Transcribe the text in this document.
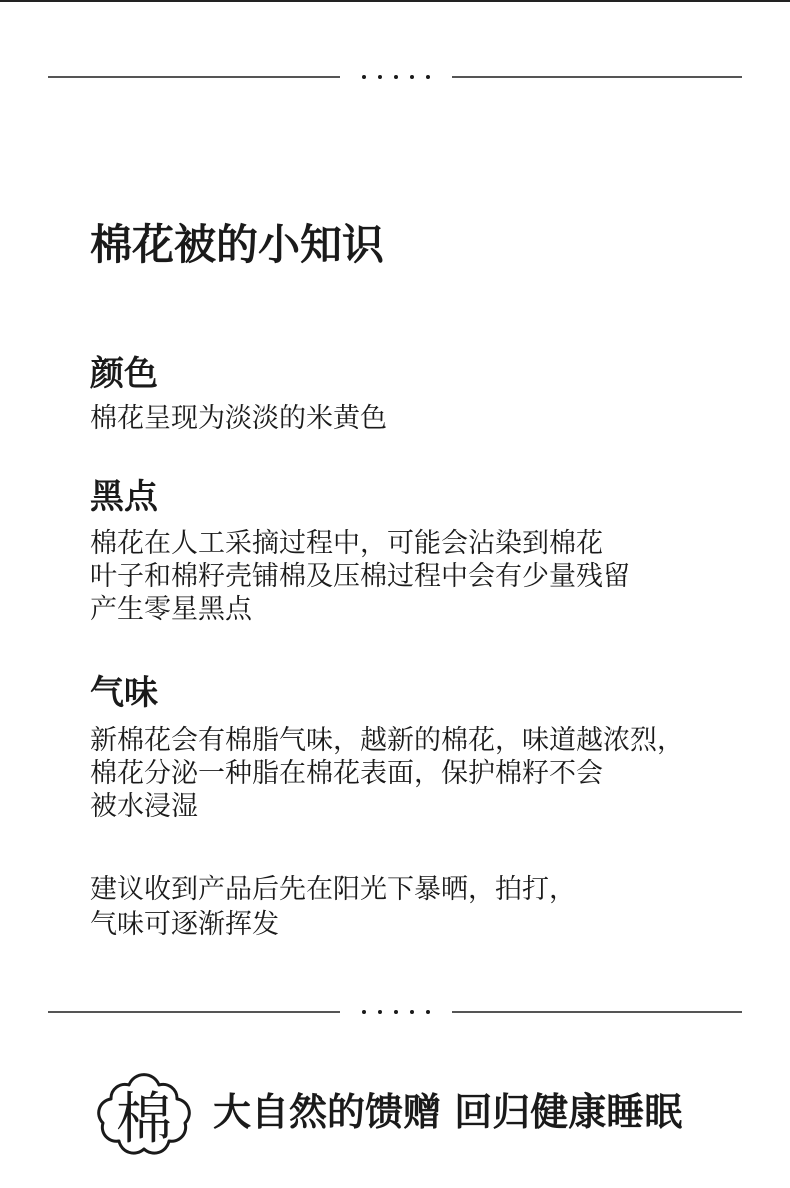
棉花被的小知识
颜色

棉花呈现为淡淡的米黄色

黑点

棉花在人工采摘过程中，可能会沾染到棉花
叶子和棉籽壳铺棉及压棉过程中会有少量残留
产生零星黑点

气味

新棉花会有棉脂气味，越新的棉花，味道越浓烈，
棉花分泌一种脂在棉花表面，保护棉籽不会
被水浸湿

建议收到产品后先在阳光下暴晒，拍打，
气味可逐渐挥发

棉 大自然的馈赠 回归健康睡眠
